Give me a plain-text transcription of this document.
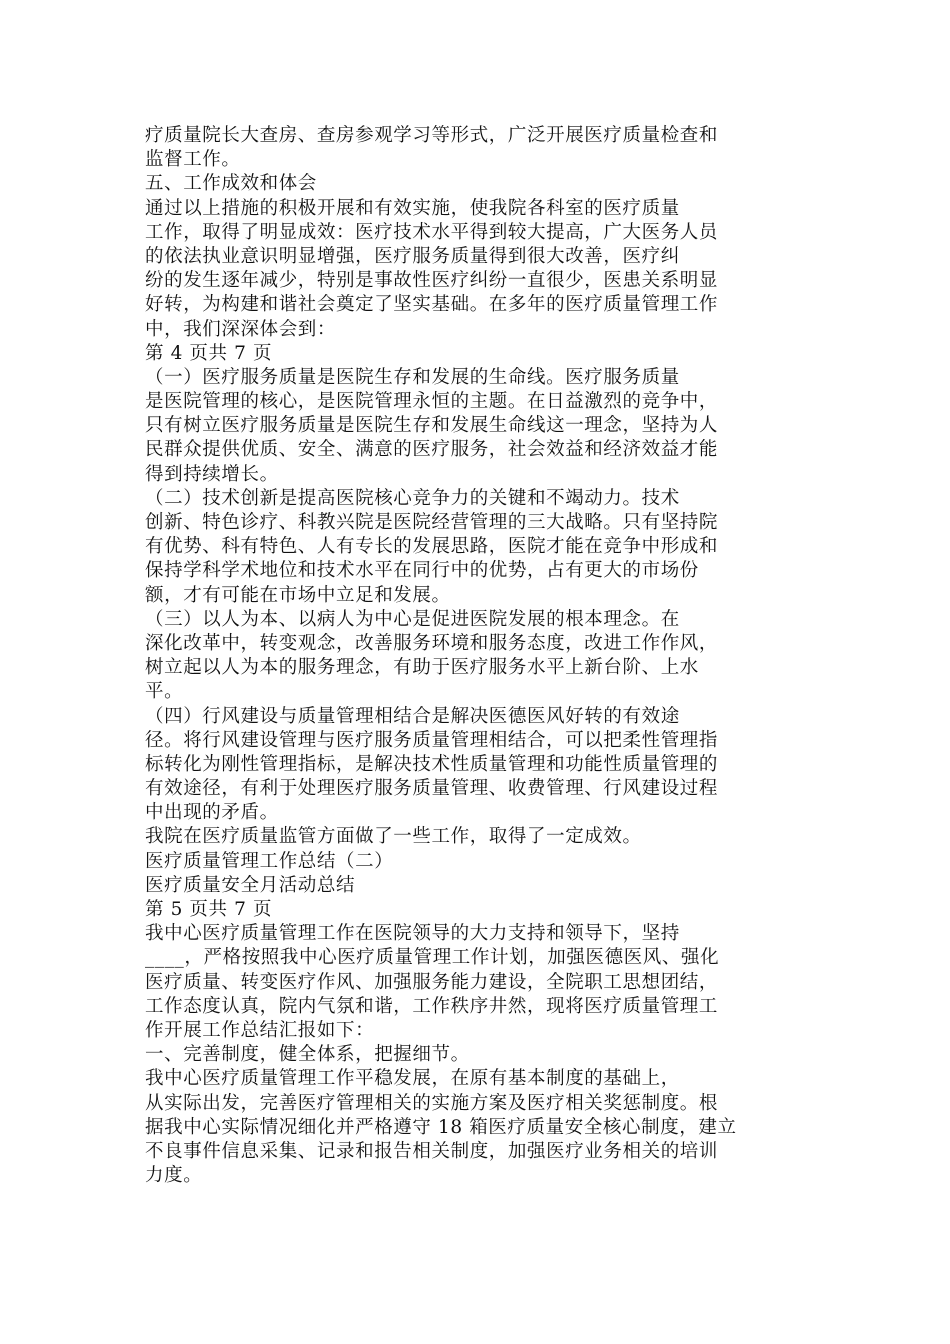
疗质量院长大查房、查房参观学习等形式，广泛开展医疗质量检查和
监督工作。
五、工作成效和体会
通过以上措施的积极开展和有效实施，使我院各科室的医疗质量
工作，取得了明显成效：医疗技术水平得到较大提高，广大医务人员
的依法执业意识明显增强，医疗服务质量得到很大改善，医疗纠
纷的发生逐年减少，特别是事故性医疗纠纷一直很少，医患关系明显
好转，为构建和谐社会奠定了坚实基础。在多年的医疗质量管理工作
中，我们深深体会到：
第 4 页共 7 页
（一）医疗服务质量是医院生存和发展的生命线。医疗服务质量
是医院管理的核心，是医院管理永恒的主题。在日益激烈的竞争中，
只有树立医疗服务质量是医院生存和发展生命线这一理念，坚持为人
民群众提供优质、安全、满意的医疗服务，社会效益和经济效益才能
得到持续增长。
（二）技术创新是提高医院核心竞争力的关键和不竭动力。技术
创新、特色诊疗、科教兴院是医院经营管理的三大战略。只有坚持院
有优势、科有特色、人有专长的发展思路，医院才能在竞争中形成和
保持学科学术地位和技术水平在同行中的优势，占有更大的市场份
额，才有可能在市场中立足和发展。
（三）以人为本、以病人为中心是促进医院发展的根本理念。在
深化改革中，转变观念，改善服务环境和服务态度，改进工作作风，
树立起以人为本的服务理念，有助于医疗服务水平上新台阶、上水
平。
（四）行风建设与质量管理相结合是解决医德医风好转的有效途
径。将行风建设管理与医疗服务质量管理相结合，可以把柔性管理指
标转化为刚性管理指标，是解决技术性质量管理和功能性质量管理的
有效途径，有利于处理医疗服务质量管理、收费管理、行风建设过程
中出现的矛盾。
我院在医疗质量监管方面做了一些工作，取得了一定成效。
医疗质量管理工作总结（二）
医疗质量安全月活动总结
第 5 页共 7 页
我中心医疗质量管理工作在医院领导的大力支持和领导下，坚持
____，严格按照我中心医疗质量管理工作计划，加强医德医风、强化
医疗质量、转变医疗作风、加强服务能力建设，全院职工思想团结，
工作态度认真，院内气氛和谐，工作秩序井然，现将医疗质量管理工
作开展工作总结汇报如下：
一、完善制度，健全体系，把握细节。
我中心医疗质量管理工作平稳发展，在原有基本制度的基础上，
从实际出发，完善医疗管理相关的实施方案及医疗相关奖惩制度。根
据我中心实际情况细化并严格遵守 18 箱医疗质量安全核心制度，建立
不良事件信息采集、记录和报告相关制度，加强医疗业务相关的培训
力度。
